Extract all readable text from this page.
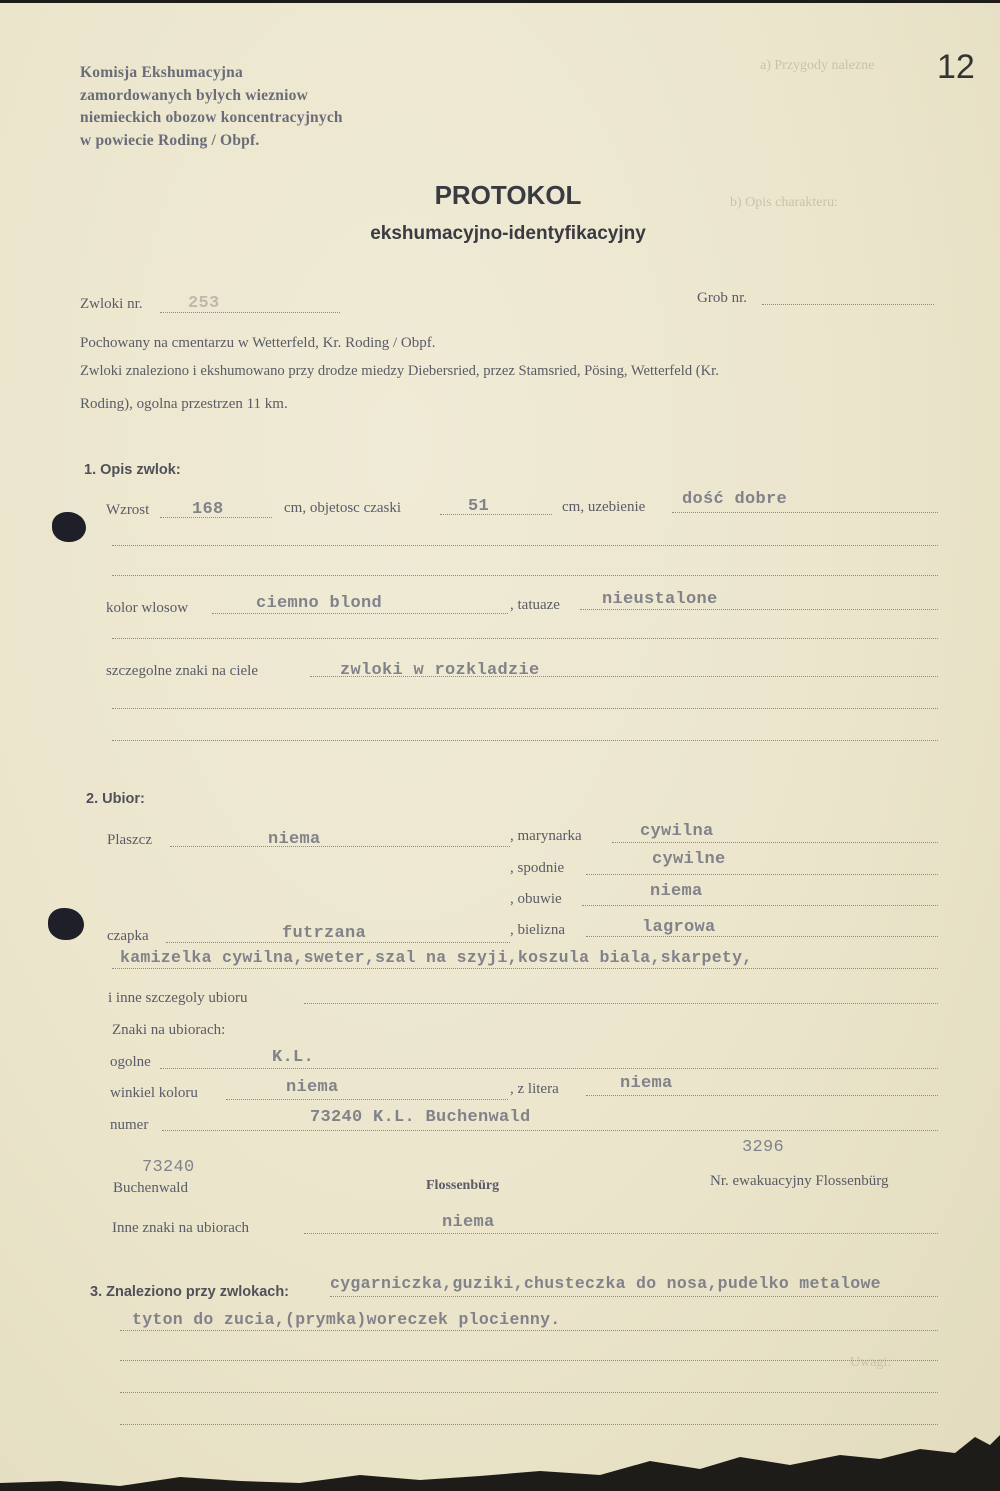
a) Przygody nalezne
b) Opis charakteru:
Uwagi:
12
Komisja Ekshumacyjna
zamordowanych bylych wiezniow
niemieckich obozow koncentracyjnych
w powiecie Roding / Obpf.
PROTOKOL
ekshumacyjno-identyfikacyjny
Zwloki nr.	253	Grob nr.
Pochowany na cmentarzu w Wetterfeld, Kr. Roding / Obpf.
Zwloki znaleziono i ekshumowano przy drodze miedzy Diebersried, przez Stamsried, Pösing, Wetterfeld (Kr.
Roding), ogolna przestrzen 11 km.
1. Opis zwlok:
Wzrost	168	cm, objetosc czaski	51	cm, uzebienie dość dobre
kolor wlosow	ciemno blond	, tatuaze nieustalone
szczegolne znaki na ciele	zwloki w rozkladzie
2. Ubior:
Plaszcz	niema	, marynarka	cywilna
, spodnie	cywilne
, obuwie	niema
czapka	futrzana	, bielizna	lagrowa
kamizelka cywilna,sweter,szal na szyji,koszula biala,skarpety,
i inne szczegoly ubioru
Znaki na ubiorach:
ogolne	K.L.
winkiel koloru	niema	, z litera	niema
numer	73240 K.L. Buchenwald
3296
73240
Buchenwald	Flossenbürg	Nr. ewakuacyjny Flossenbürg
Inne znaki na ubiorach	niema
3. Znaleziono przy zwlokach: cygarniczka,guziki,chusteczka do nosa,pudelko metalowe
tyton do zucia,(prymka)woreczek plocienny.
